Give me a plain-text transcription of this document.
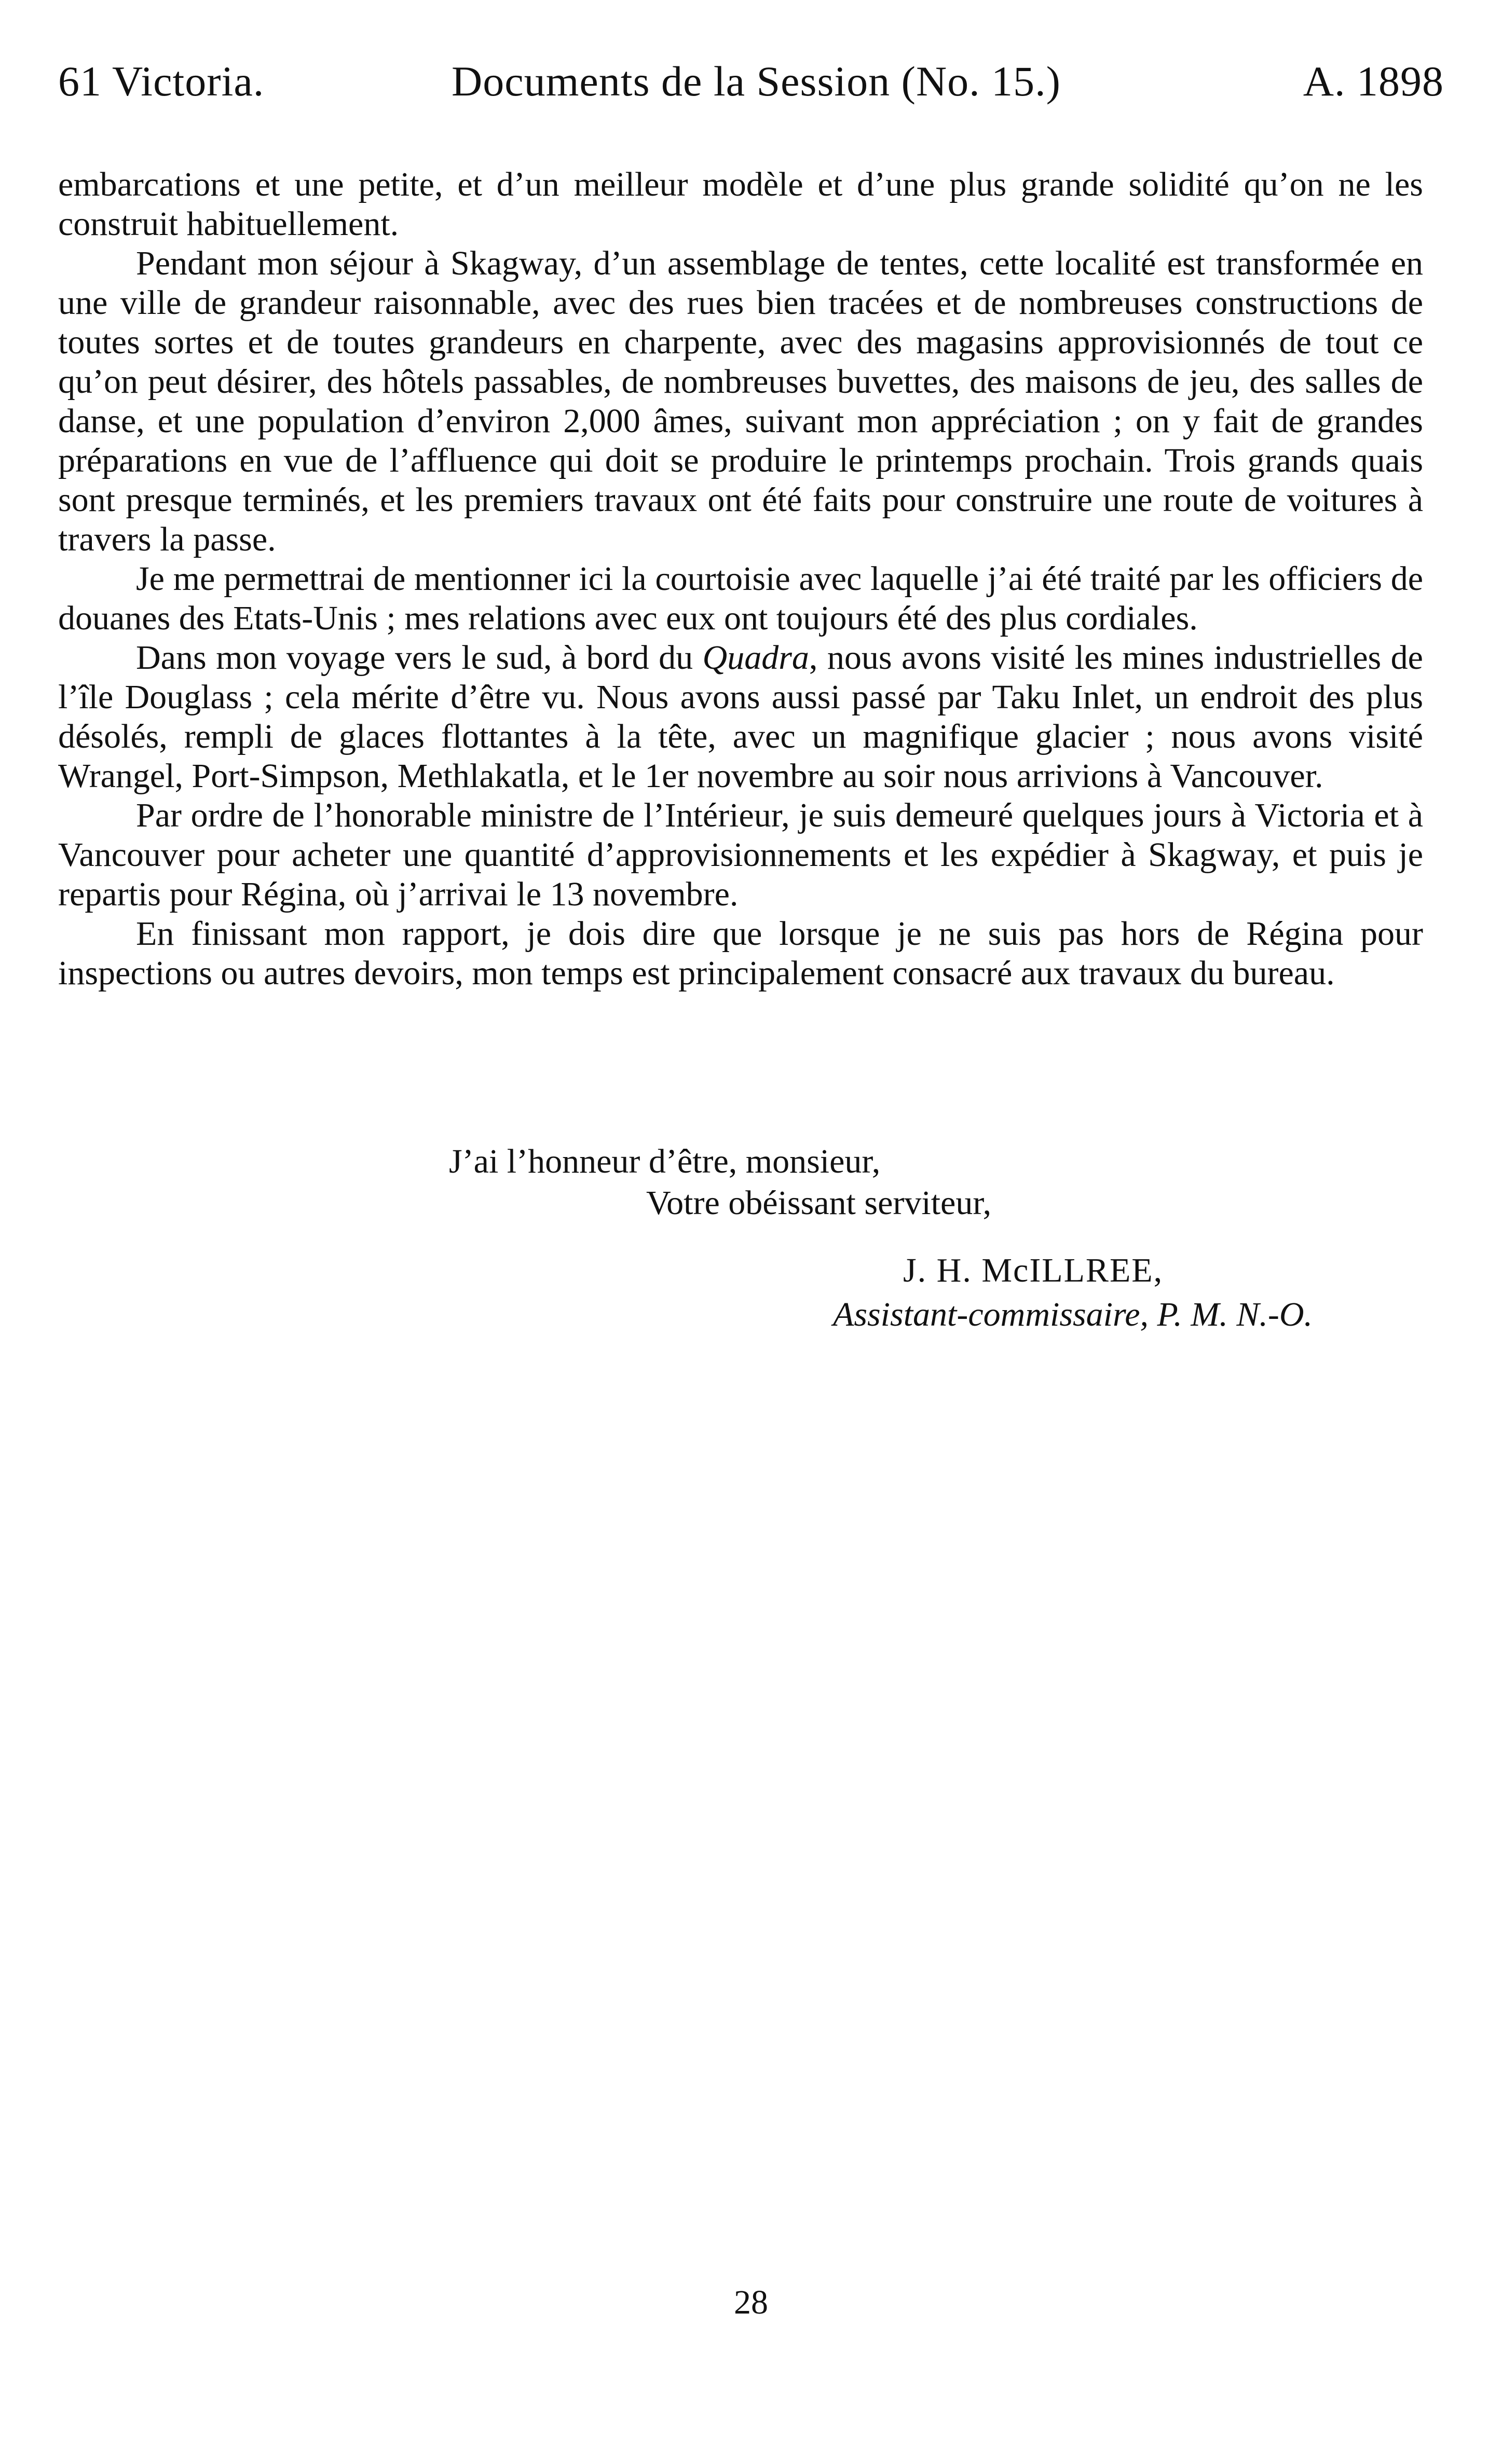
61 Victoria.	Documents de la Session (No. 15.)	A. 1898

embarcations et une petite, et d’un meilleur modèle et d’une plus grande solidité qu’on ne les construit habituellement.

Pendant mon séjour à Skagway, d’un assemblage de tentes, cette localité est transformée en une ville de grandeur raisonnable, avec des rues bien tracées et de nombreuses constructions de toutes sortes et de toutes grandeurs en charpente, avec des magasins approvisionnés de tout ce qu’on peut désirer, des hôtels passables, de nombreuses buvettes, des maisons de jeu, des salles de danse, et une population d’environ 2,000 âmes, suivant mon appréciation ; on y fait de grandes préparations en vue de l’affluence qui doit se produire le printemps prochain. Trois grands quais sont presque terminés, et les premiers travaux ont été faits pour construire une route de voitures à travers la passe.

Je me permettrai de mentionner ici la courtoisie avec laquelle j’ai été traité par les officiers de douanes des Etats-Unis ; mes relations avec eux ont toujours été des plus cordiales.

Dans mon voyage vers le sud, à bord du Quadra, nous avons visité les mines industrielles de l’île Douglass ; cela mérite d’être vu. Nous avons aussi passé par Taku Inlet, un endroit des plus désolés, rempli de glaces flottantes à la tête, avec un magnifique glacier ; nous avons visité Wrangel, Port-Simpson, Methlakatla, et le 1er novembre au soir nous arrivions à Vancouver.

Par ordre de l’honorable ministre de l’Intérieur, je suis demeuré quelques jours à Victoria et à Vancouver pour acheter une quantité d’approvisionnements et les expédier à Skagway, et puis je repartis pour Régina, où j’arrivai le 13 novembre.

En finissant mon rapport, je dois dire que lorsque je ne suis pas hors de Régina pour inspections ou autres devoirs, mon temps est principalement consacré aux travaux du bureau.

J’ai l’honneur d’être, monsieur,
Votre obéissant serviteur,
J. H. McILLREE,
Assistant-commissaire, P. M. N.-O.
28
